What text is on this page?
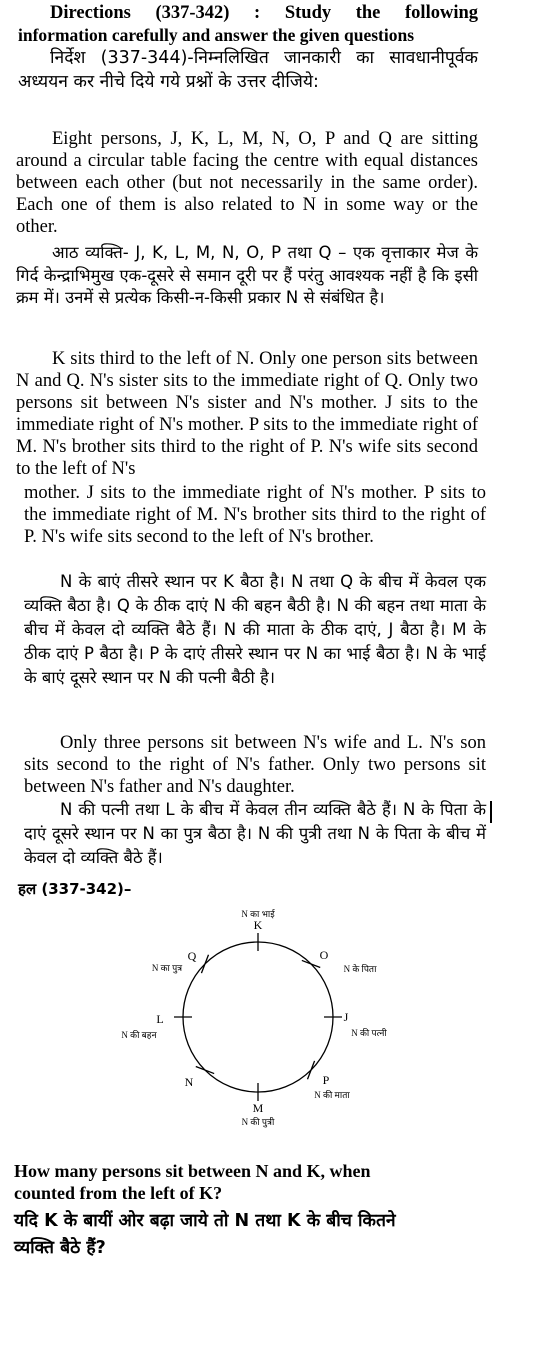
Directions (337-342) : Study the following
information carefully and answer the given questions
निर्देश (337-344)-निम्नलिखित जानकारी का सावधानीपूर्वक अध्ययन कर नीचे दिये गये प्रश्नों के उत्तर दीजिये:
Eight persons, J, K, L, M, N, O, P and Q are sitting around a circular table facing the centre with equal distances between each other (but not necessarily in the same order). Each one of them is also related to N in some way or the other.
आठ व्यक्ति- J, K, L, M, N, O, P तथा Q – एक वृत्ताकार मेज के गिर्द केन्द्राभिमुख एक-दूसरे से समान दूरी पर हैं परंतु आवश्यक नहीं है कि इसी क्रम में। उनमें से प्रत्येक किसी-न-किसी प्रकार N से संबंधित है।
K sits third to the left of N. Only one person sits between N and Q. N's sister sits to the immediate right of Q. Only two persons sit between N's sister and N's mother. J sits to the immediate right of N's mother. P sits to the immediate right of M. N's brother sits third to the right of P. N's wife sits second to the left of N's
mother. J sits to the immediate right of N's mother. P sits to the immediate right of M. N's brother sits third to the right of P. N's wife sits second to the left of N's brother.
N के बाएं तीसरे स्थान पर K बैठा है। N तथा Q के बीच में केवल एक व्यक्ति बैठा है। Q के ठीक दाएं N की बहन बैठी है। N की बहन तथा माता के बीच में केवल दो व्यक्ति बैठे हैं। N की माता के ठीक दाएं, J बैठा है। M के ठीक दाएं P बैठा है। P के दाएं तीसरे स्थान पर N का भाई बैठा है। N के भाई के बाएं दूसरे स्थान पर N की पत्नी बैठी है।
Only three persons sit between N's wife and L. N's son sits second to the right of N's father. Only two persons sit between N's father and N's daughter.
N की पत्नी तथा L के बीच में केवल तीन व्यक्ति बैठे हैं। N के पिता के दाएं दूसरे स्थान पर N का पुत्र बैठा है। N की पुत्री तथा N के पिता के बीच में केवल दो व्यक्ति बैठे हैं।
हल (337-342)–
K
N का भाई
O
N के पिता
J
N की पत्नी
P
N की माता
M
N की पुत्री
N
L
N की बहन
Q
N का पुत्र
How many persons sit between N and K, when counted from the left of K?
यदि K के बायीं ओर बढ़ा जाये तो N तथा K के बीच कितने व्यक्ति बैठे हैं?
